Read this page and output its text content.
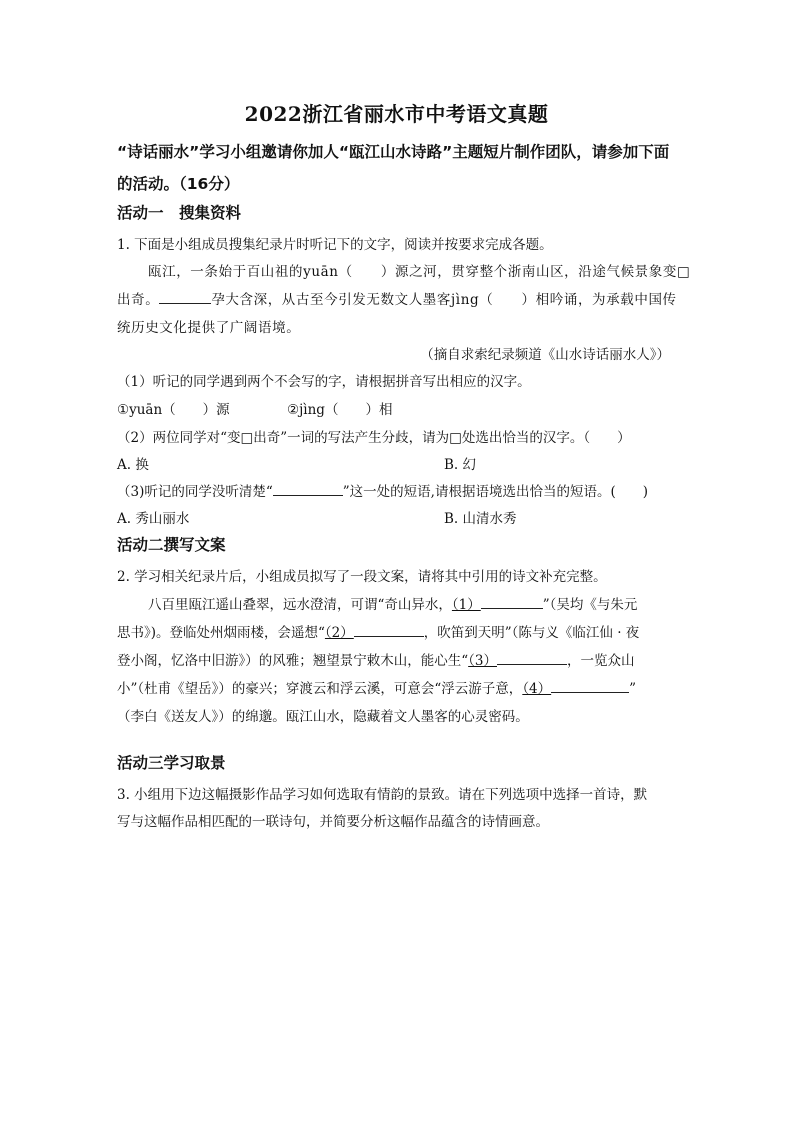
2022浙江省丽水市中考语文真题
“诗话丽水”学习小组邀请你加人“瓯江山水诗路”主题短片制作团队，请参加下面的活动。（16分）
活动一　搜集资料
1. 下面是小组成员搜集纪录片时听记下的文字，阅读并按要求完成各题。
瓯江，一条始于百山祖的yuān（　　）源之河，贯穿整个浙南山区，沿途气候景象变□
出奇。	孕大含深，从古至今引发无数文人墨客jìng（　　）相吟诵，为承载中国传
统历史文化提供了广阔语境。
（摘自求索纪录频道《山水诗话丽水人》）
（1）听记的同学遇到两个不会写的字，请根据拼音写出相应的汉字。
①yuān（　　）源	②jìng（　　）相
（2）两位同学对“变□出奇”一词的写法产生分歧，请为□处选出恰当的汉字。（　　）
A. 换	B. 幻
（3)听记的同学没听清楚“	”这一处的短语,请根据语境选出恰当的短语。(　　)
A. 秀山丽水	B. 山清水秀
活动二撰写文案
2. 学习相关纪录片后，小组成员拟写了一段文案，请将其中引用的诗文补充完整。
八百里瓯江遥山叠翠，远水澄清，可谓“奇山异水，（1）	”（吴均《与朱元
思书》)。登临处州烟雨楼，会遥想“（2）	，吹笛到天明”（陈与义《临江仙 · 夜
登小阁，忆洛中旧游》）的风雅；翘望景宁敕木山，能心生“（3）	，一览众山
小”（杜甫《望岳》）的豪兴；穿渡云和浮云溪，可意会“浮云游子意，（4）	”
（李白《送友人》）的绵邈。瓯江山水，隐藏着文人墨客的心灵密码。
活动三学习取景
3. 小组用下边这幅摄影作品学习如何选取有情韵的景致。请在下列选项中选择一首诗，默
写与这幅作品相匹配的一联诗句，并简要分析这幅作品蕴含的诗情画意。
